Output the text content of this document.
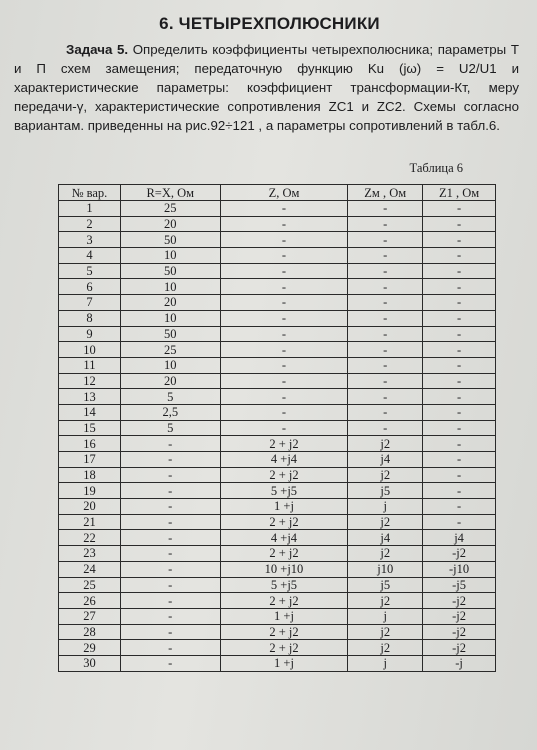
6. ЧЕТЫРЕХПОЛЮСНИКИ

Задача 5. Определить коэффициенты четырехполюсника; параметры Т и П схем замещения; передаточную функцию Ku (jω) = U2/U1 и характеристические параметры: коэффициент трансформации-Кт, меру передачи-γ, характеристические сопротивления ZC1 и ZC2. Схемы согласно вариантам. приведенны на рис.92÷121 , а параметры сопротивлений в табл.6.

Таблица 6
№ вар.	R=X, Ом	Z, Ом	Zм , Ом	Z1 , Ом
1	25	-	-	-
2	20	-	-	-
3	50	-	-	-
4	10	-	-	-
5	50	-	-	-
6	10	-	-	-
7	20	-	-	-
8	10	-	-	-
9	50	-	-	-
10	25	-	-	-
11	10	-	-	-
12	20	-	-	-
13	5	-	-	-
14	2,5	-	-	-
15	5	-	-	-
16	-	2 + j2	j2	-
17	-	4 +j4	j4	-
18	-	2 + j2	j2	-
19	-	5 +j5	j5	-
20	-	1 +j	j	-
21	-	2 + j2	j2	-
22	-	4 +j4	j4	j4
23	-	2 + j2	j2	-j2
24	-	10 +j10	j10	-j10
25	-	5 +j5	j5	-j5
26	-	2 + j2	j2	-j2
27	-	1 +j	j	-j2
28	-	2 + j2	j2	-j2
29	-	2 + j2	j2	-j2
30	-	1 +j	j	-j
